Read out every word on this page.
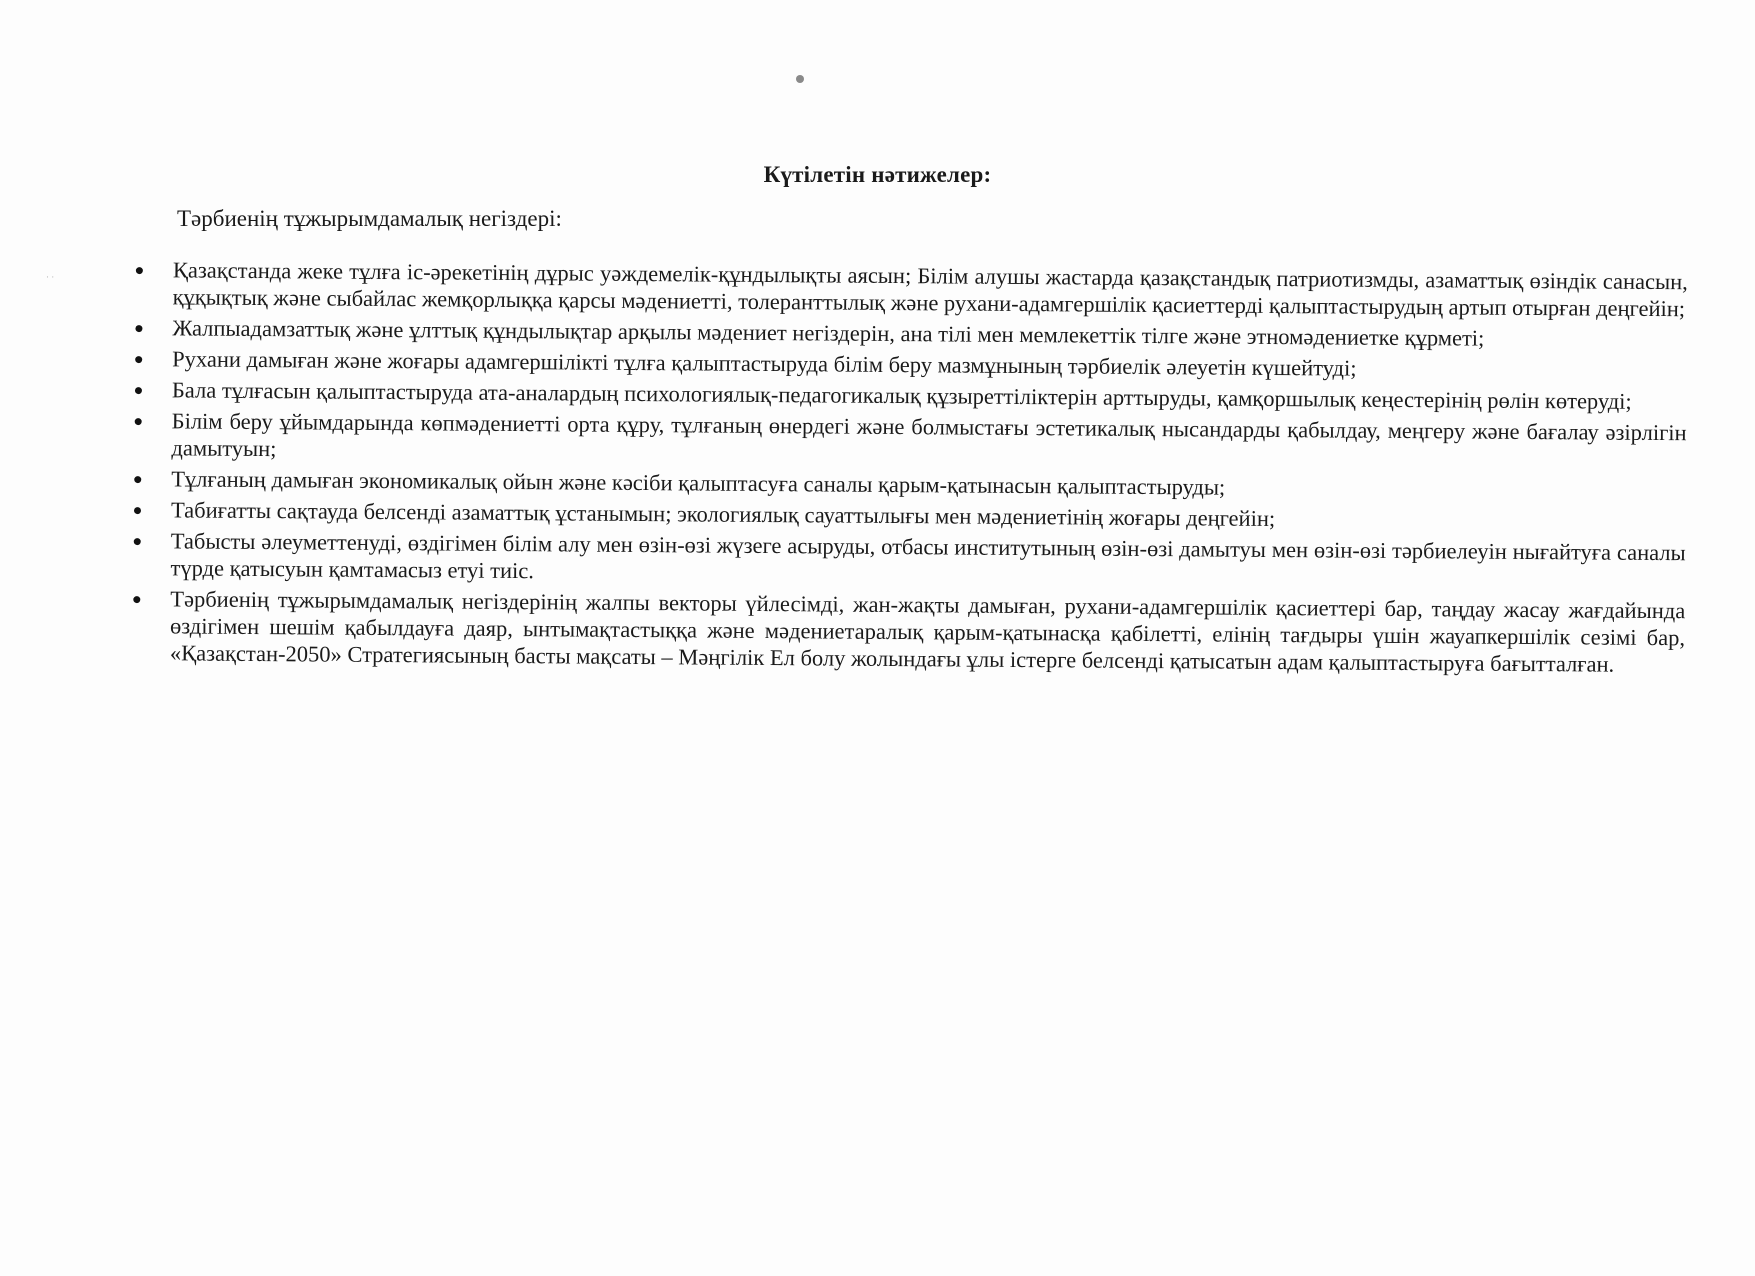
· ·
Күтілетін нәтижелер:
Тәрбиенің тұжырымдамалық негіздері:
Қазақстанда жеке тұлға іс-әрекетінің дұрыс уәждемелік-құндылықты аясын; Білім алушы жастарда қазақстандық патриотизмды, азаматтық өзіндік санасын, құқықтық және сыбайлас жемқорлыққа қарсы мәдениетті, толеранттылық және рухани-адамгершілік қасиеттерді қалыптастырудың артып отырған деңгейін;
Жалпыадамзаттық және ұлттық құндылықтар арқылы мәдениет негіздерін, ана тілі мен мемлекеттік тілге және этномәдениетке құрметі;
Рухани дамыған және жоғары адамгершілікті тұлға қалыптастыруда білім беру мазмұнының тәрбиелік әлеуетін күшейтуді;
Бала тұлғасын қалыптастыруда ата-аналардың психологиялық-педагогикалық құзыреттіліктерін арттыруды, қамқоршылық кеңестерінің рөлін көтеруді;
Білім беру ұйымдарында көпмәдениетті орта құру, тұлғаның өнердегі және болмыстағы эстетикалық нысандарды қабылдау, меңгеру және бағалау әзірлігін дамытуын;
Тұлғаның дамыған экономикалық ойын және кәсіби қалыптасуға саналы қарым-қатынасын қалыптастыруды;
Табиғатты сақтауда белсенді азаматтық ұстанымын; экологиялық сауаттылығы мен мәдениетінің жоғары деңгейін;
Табысты әлеуметтенуді, өздігімен білім алу мен өзін-өзі жүзеге асыруды, отбасы институтының өзін-өзі дамытуы мен өзін-өзі тәрбиелеуін нығайтуға саналы түрде қатысуын қамтамасыз етуі тиіс.
Тәрбиенің тұжырымдамалық негіздерінің жалпы векторы үйлесімді, жан-жақты дамыған, рухани-адамгершілік қасиеттері бар, таңдау жасау жағдайында өздігімен шешім қабылдауға даяр, ынтымақтастыққа және мәдениетаралық қарым-қатынасқа қабілетті, елінің тағдыры үшін жауапкершілік сезімі бар, «Қазақстан-2050» Стратегиясының басты мақсаты – Мәңгілік Ел болу жолындағы ұлы істерге белсенді қатысатын адам қалыптастыруға бағытталған.
